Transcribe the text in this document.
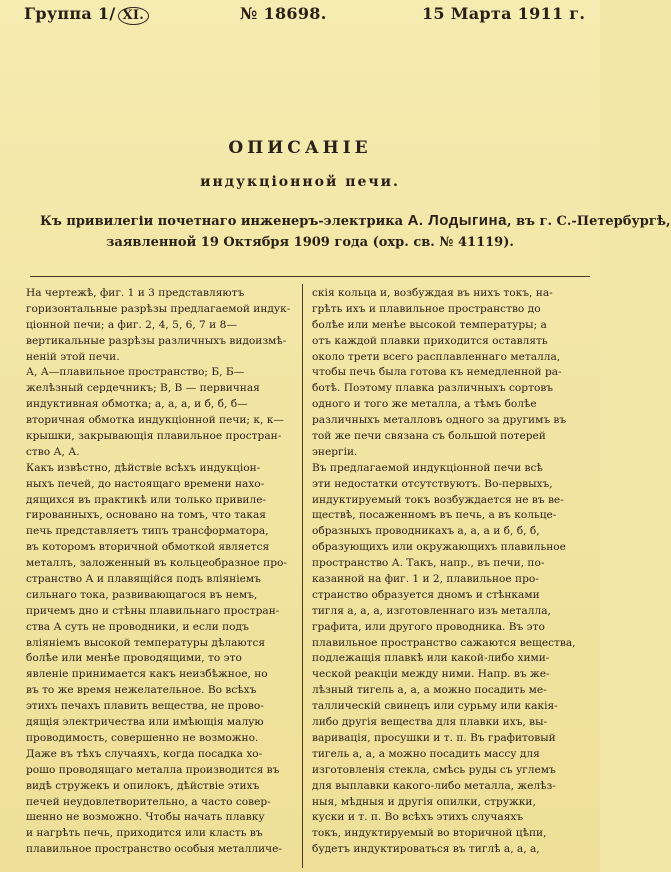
Группа 1/ XI.	№ 18698.	15 Марта 1911 г.
ОПИСАНІЕ
индукціонной печи.
Къ привилегіи почетнаго инженеръ-электрика А. Лодыгина, въ г. С.-Петербургѣ,
заявленной 19 Октября 1909 года (охр. св. № 41119).
На чертежѣ, фиг. 1 и 3 представляютъ
горизонтальные разрѣзы предлагаемой индук-
ціонной печи; а фиг. 2, 4, 5, 6, 7 и 8—
вертикальные разрѣзы различныхъ видоизмѣ-
неній этой печи.
А, А—плавильное пространство; Б, Б—
желѣзный сердечникъ; В, В — первичная
индуктивная обмотка; а, а, а, и б, б, б—
вторичная обмотка индукціонной печи; к, к—
крышки, закрывающія плавильное простран-
ство А, А.
Какъ извѣстно, дѣйствіе всѣхъ индукціон-
ныхъ печей, до настоящаго времени нахо-
дящихся въ практикѣ или только привиле-
гированныхъ, основано на томъ, что такая
печь представляетъ типъ трансформатора,
въ которомъ вторичной обмоткой является
металлъ, заложенный въ кольцеобразное про-
странство А и плавящійся подъ вліяніемъ
сильнаго тока, развивающагося въ немъ,
причемъ дно и стѣны плавильнаго простран-
ства А суть не проводники, и если подъ
вліяніемъ высокой температуры дѣлаются
болѣе или менѣе проводящими, то это
явленіе принимается какъ неизбѣжное, но
въ то же время нежелательное. Во всѣхъ
этихъ печахъ плавить вещества, не прово-
дящія электричества или имѣющія малую
проводимость, совершенно не возможно.
Даже въ тѣхъ случаяхъ, когда посадка хо-
рошо проводящаго металла производится въ
видѣ стружекъ и опилокъ, дѣйствіе этихъ
печей неудовлетворительно, а часто совер-
шенно не возможно. Чтобы начать плавку
и нагрѣть печь, приходится или класть въ
плавильное пространство особыя металличе-
скія кольца и, возбуждая въ нихъ токъ, на-
грѣть ихъ и плавильное пространство до
болѣе или менѣе высокой температуры; а
отъ каждой плавки приходится оставлять
около трети всего расплавленнаго металла,
чтобы печь была готова къ немедленной ра-
ботѣ. Поэтому плавка различныхъ сортовъ
одного и того же металла, а тѣмъ болѣе
различныхъ металловъ одного за другимъ въ
той же печи связана съ большой потерей
энергіи.
Въ предлагаемой индукціонной печи всѣ
эти недостатки отсутствуютъ. Во-первыхъ,
индуктируемый токъ возбуждается не въ ве-
ществѣ, посаженномъ въ печь, а въ кольце-
образныхъ проводникахъ а, а, а и б, б, б,
образующихъ или окружающихъ плавильное
пространство А. Такъ, напр., въ печи, по-
казанной на фиг. 1 и 2, плавильное про-
странство образуется дномъ и стѣнками
тигля а, а, а, изготовленнаго изъ металла,
графита, или другого проводника. Въ это
плавильное пространство сажаются вещества,
подлежащія плавкѣ или какой-либо хими-
ческой реакціи между ними. Напр. въ же-
лѣзный тигель а, а, а можно посадить ме-
таллическій свинецъ или сурьму или какія-
либо другія вещества для плавки ихъ, вы-
варивація, просушки и т. п. Въ графитовый
тигель а, а, а можно посадить массу для
изготовленія стекла, смѣсь руды съ углемъ
для выплавки какого-либо металла, желѣз-
ныя, мѣдныя и другія опилки, стружки,
куски и т. п. Во всѣхъ этихъ случаяхъ
токъ, индуктируемый во вторичной цѣпи,
будетъ индуктироваться въ тиглѣ а, а, а,
